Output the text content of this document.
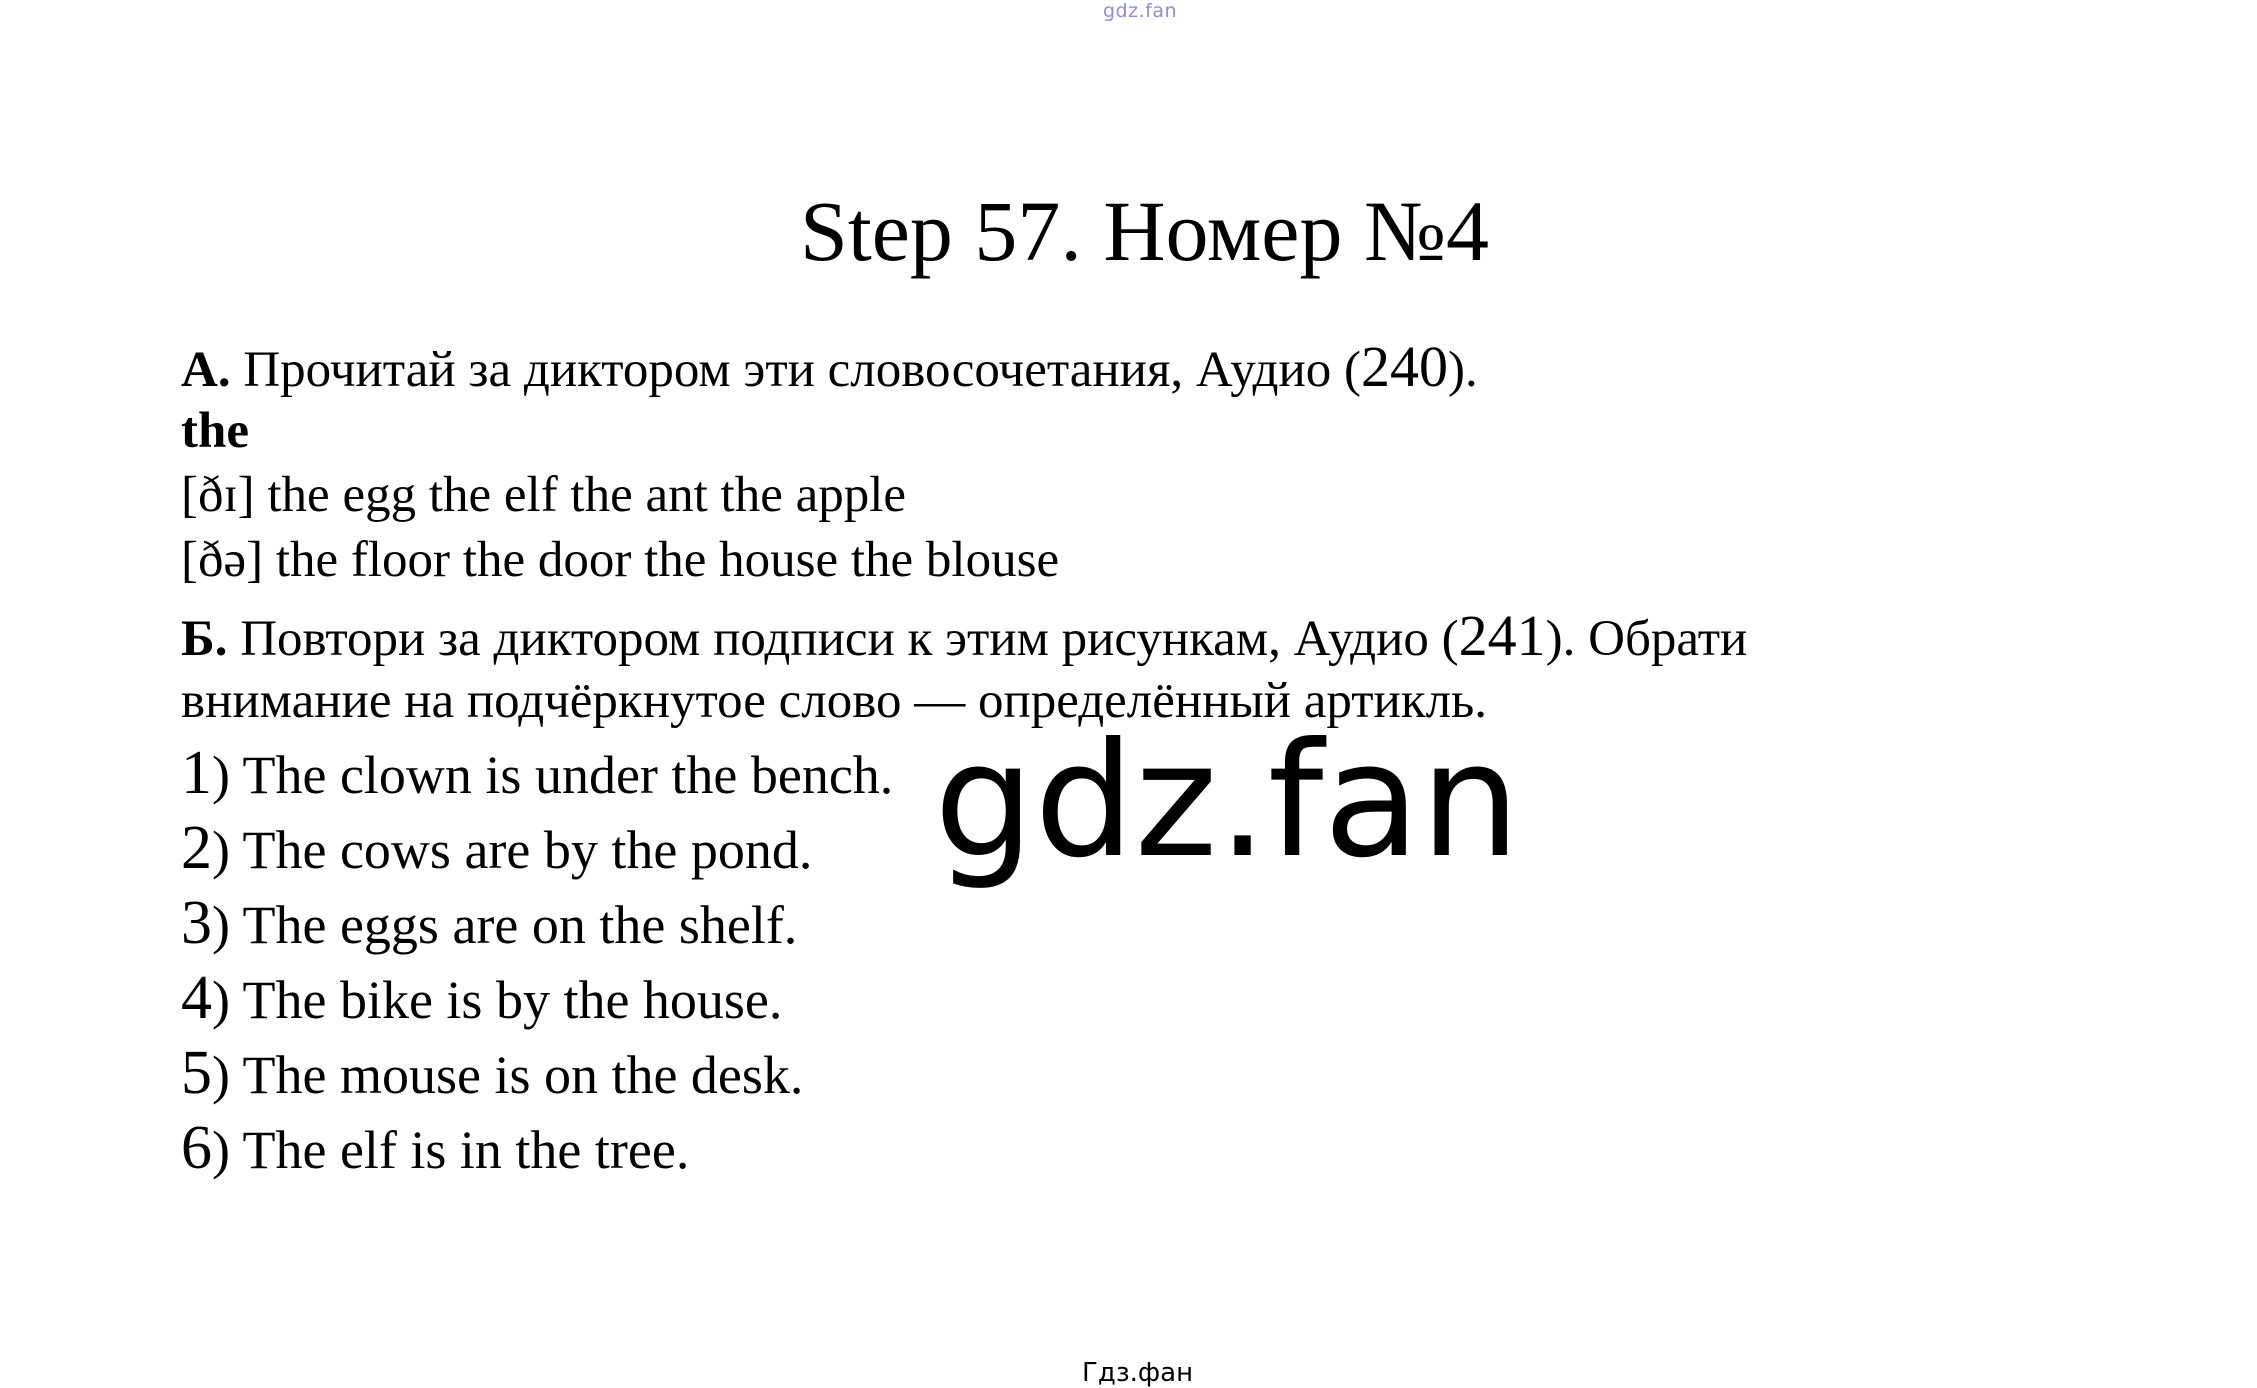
gdz.fan
Step 57. Номер №4
А. Прочитай за диктором эти словосочетания, Аудио (240).
the
[ðɪ] the egg the elf the ant the apple
[ðə] the floor the door the house the blouse
Б. Повтори за диктором подписи к этим рисункам, Аудио (241). Обрати
внимание на подчёркнутое слово — определённый артикль.
1) The clown is under the bench.
2) The cows are by the pond.
3) The eggs are on the shelf.
4) The bike is by the house.
5) The mouse is on the desk.
6) The elf is in the tree.
gdz.fan
Гдз.фан
